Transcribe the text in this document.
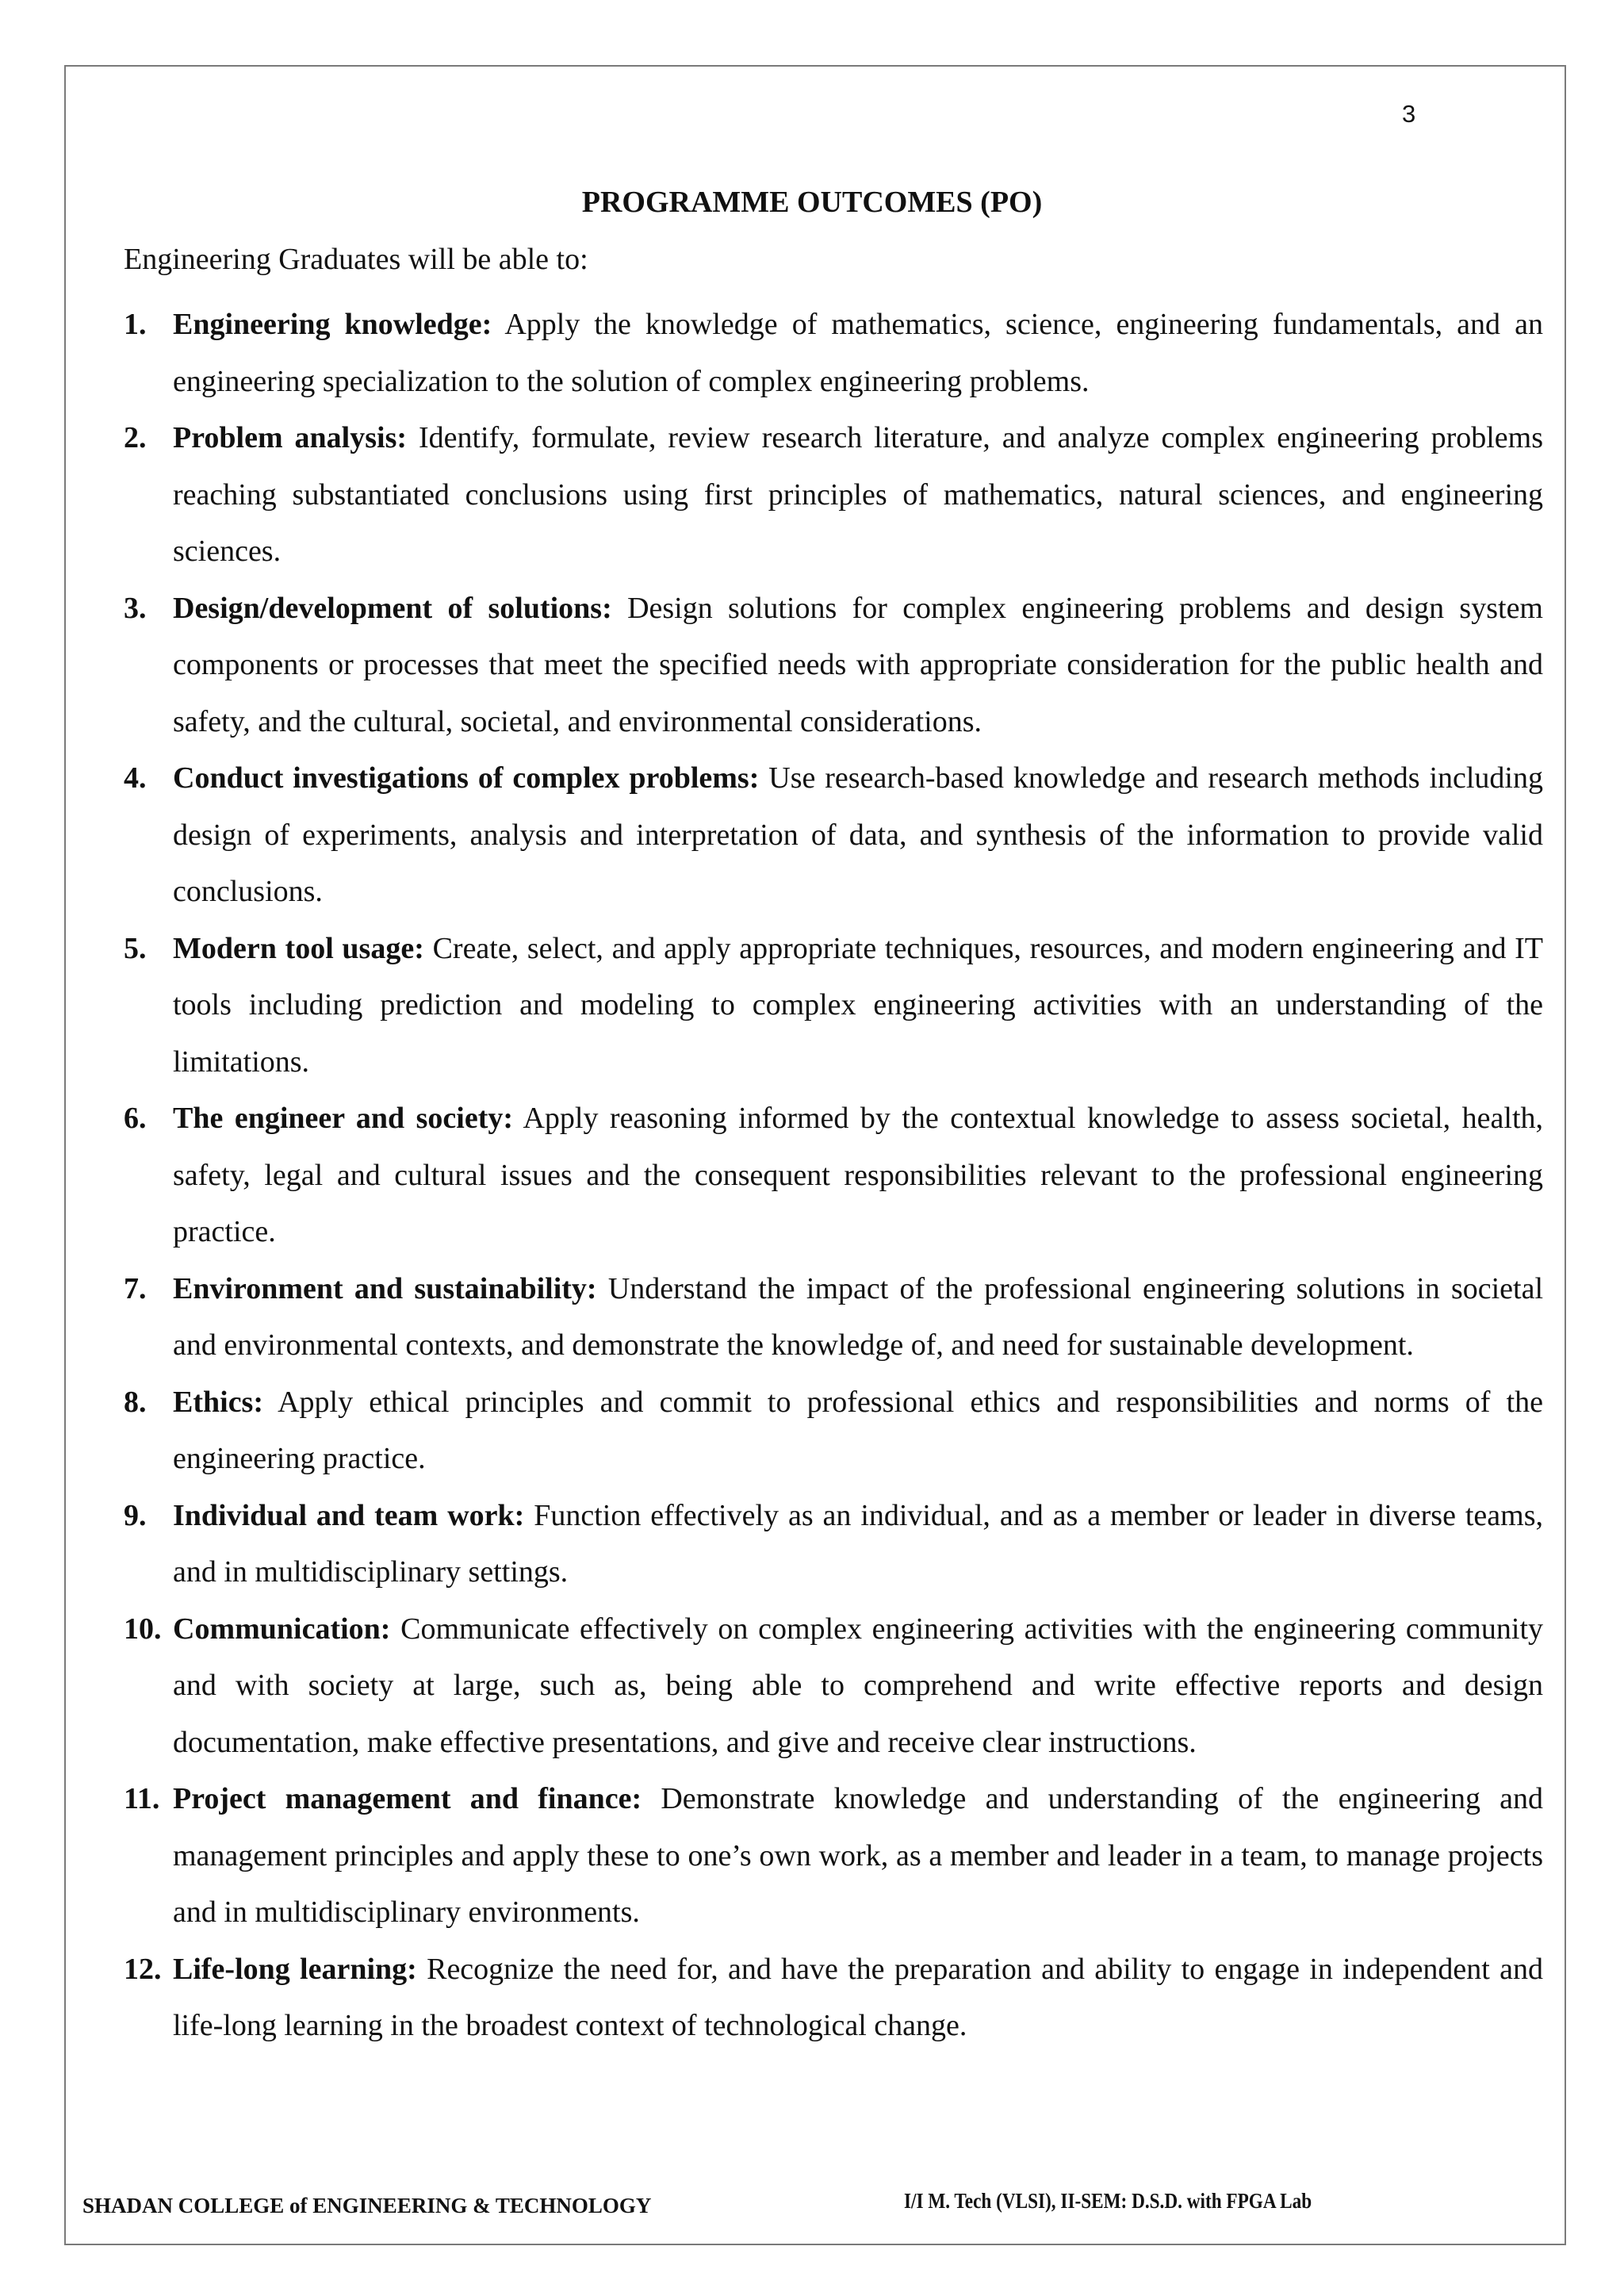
3
PROGRAMME OUTCOMES (PO)
Engineering Graduates will be able to:
1. Engineering knowledge: Apply the knowledge of mathematics, science, engineering fundamentals, and an engineering specialization to the solution of complex engineering problems.
2. Problem analysis: Identify, formulate, review research literature, and analyze complex engineering problems reaching substantiated conclusions using first principles of mathematics, natural sciences, and engineering sciences.
3. Design/development of solutions: Design solutions for complex engineering problems and design system components or processes that meet the specified needs with appropriate consideration for the public health and safety, and the cultural, societal, and environmental considerations.
4. Conduct investigations of complex problems: Use research-based knowledge and research methods including design of experiments, analysis and interpretation of data, and synthesis of the information to provide valid conclusions.
5. Modern tool usage: Create, select, and apply appropriate techniques, resources, and modern engineering and IT tools including prediction and modeling to complex engineering activities with an understanding of the limitations.
6. The engineer and society: Apply reasoning informed by the contextual knowledge to assess societal, health, safety, legal and cultural issues and the consequent responsibilities relevant to the professional engineering practice.
7. Environment and sustainability: Understand the impact of the professional engineering solutions in societal and environmental contexts, and demonstrate the knowledge of, and need for sustainable development.
8. Ethics: Apply ethical principles and commit to professional ethics and responsibilities and norms of the engineering practice.
9. Individual and team work: Function effectively as an individual, and as a member or leader in diverse teams, and in multidisciplinary settings.
10. Communication: Communicate effectively on complex engineering activities with the engineering community and with society at large, such as, being able to comprehend and write effective reports and design documentation, make effective presentations, and give and receive clear instructions.
11. Project management and finance: Demonstrate knowledge and understanding of the engineering and management principles and apply these to one’s own work, as a member and leader in a team, to manage projects and in multidisciplinary environments.
12. Life-long learning: Recognize the need for, and have the preparation and ability to engage in independent and life-long learning in the broadest context of technological change.
SHADAN COLLEGE of ENGINEERING & TECHNOLOGY	I/I M. Tech (VLSI), II-SEM: D.S.D. with FPGA Lab
